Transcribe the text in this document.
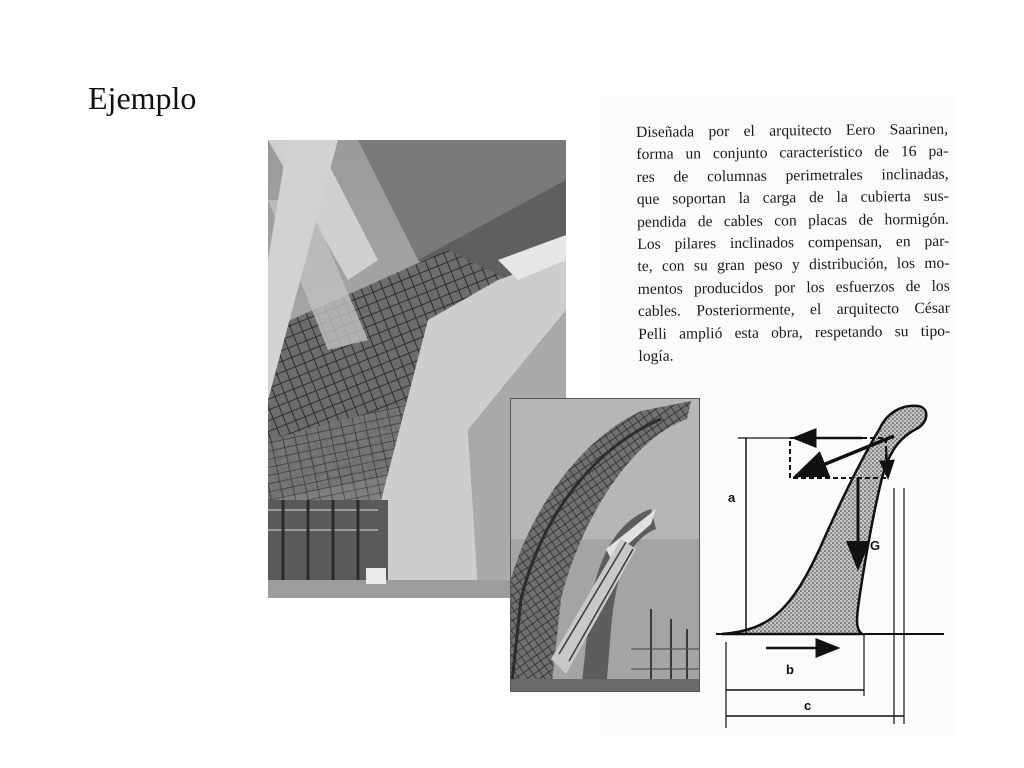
Ejemplo
Diseñada por el arquitecto Eero Saarinen,
forma un conjunto característico de 16 pa-
res de columnas perimetrales inclinadas,
que soportan la carga de la cubierta sus-
pendida de cables con placas de hormigón.
Los pilares inclinados compensan, en par-
te, con su gran peso y distribución, los mo-
mentos producidos por los esfuerzos de los
cables. Posteriormente, el arquitecto César
Pelli amplió esta obra, respetando su tipo-
logía.
a
G
b
c
